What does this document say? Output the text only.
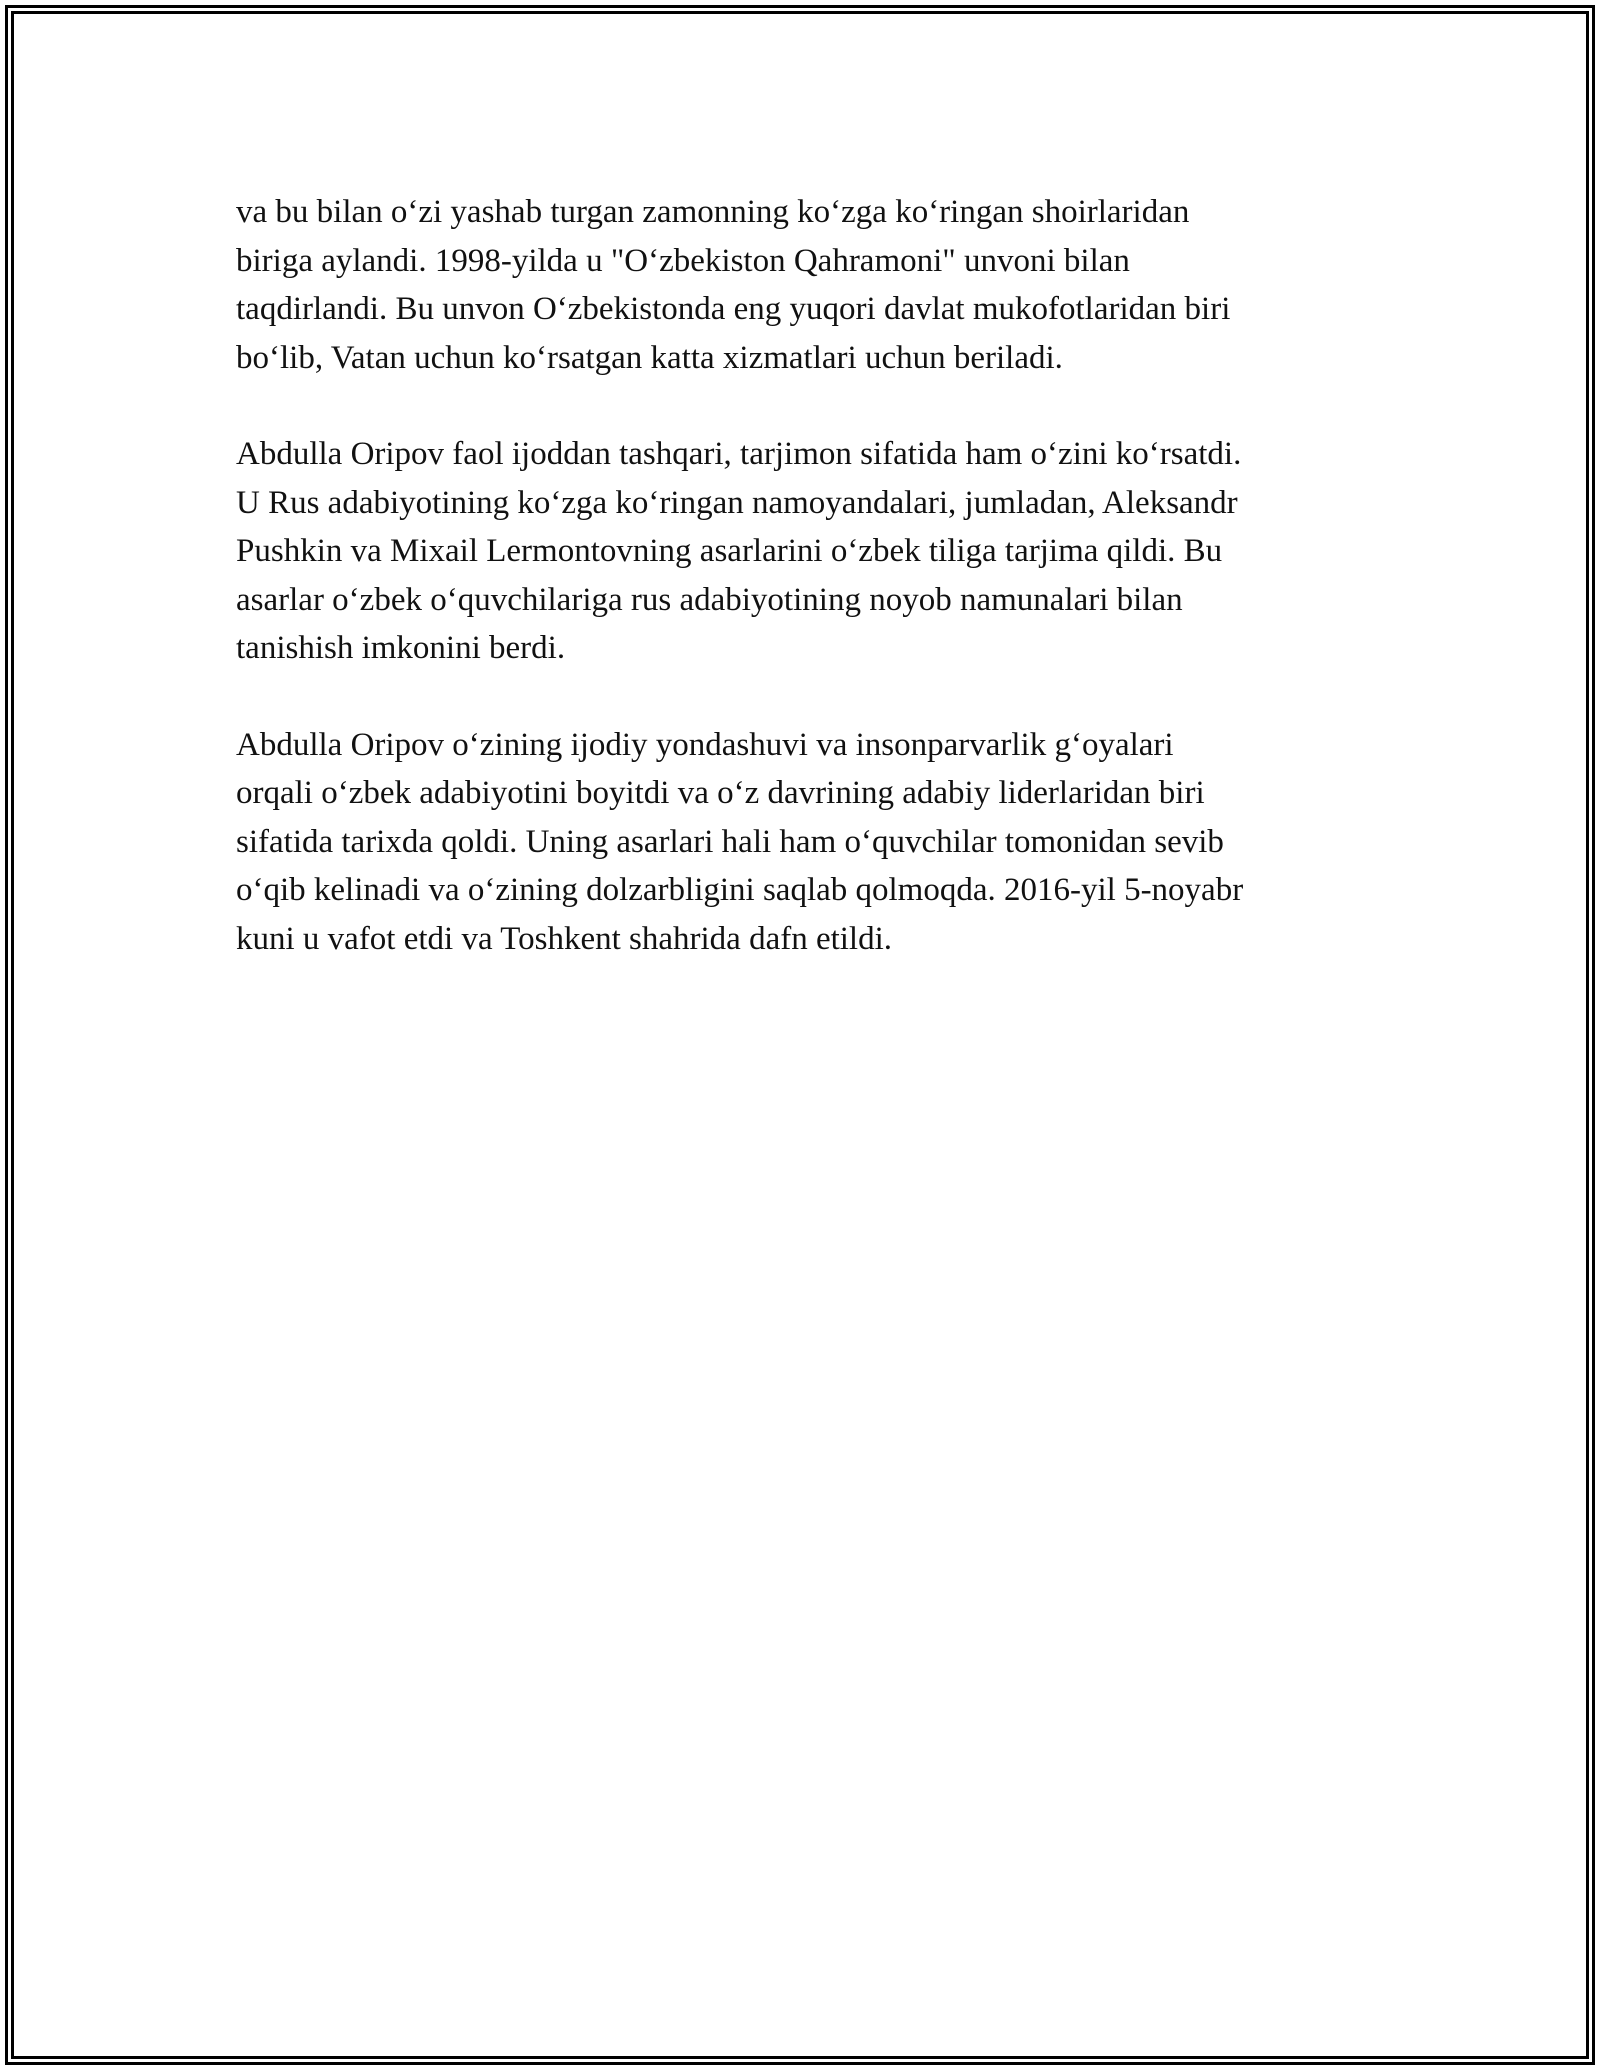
va bu bilan o‘zi yashab turgan zamonning ko‘zga ko‘ringan shoirlaridan
biriga aylandi. 1998-yilda u "O‘zbekiston Qahramoni" unvoni bilan
taqdirlandi. Bu unvon O‘zbekistonda eng yuqori davlat mukofotlaridan biri
bo‘lib, Vatan uchun ko‘rsatgan katta xizmatlari uchun beriladi.

Abdulla Oripov faol ijoddan tashqari, tarjimon sifatida ham o‘zini ko‘rsatdi.
U Rus adabiyotining ko‘zga ko‘ringan namoyandalari, jumladan, Aleksandr
Pushkin va Mixail Lermontovning asarlarini o‘zbek tiliga tarjima qildi. Bu
asarlar o‘zbek o‘quvchilariga rus adabiyotining noyob namunalari bilan
tanishish imkonini berdi.

Abdulla Oripov o‘zining ijodiy yondashuvi va insonparvarlik g‘oyalari
orqali o‘zbek adabiyotini boyitdi va o‘z davrining adabiy liderlaridan biri
sifatida tarixda qoldi. Uning asarlari hali ham o‘quvchilar tomonidan sevib
o‘qib kelinadi va o‘zining dolzarbligini saqlab qolmoqda. 2016-yil 5-noyabr
kuni u vafot etdi va Toshkent shahrida dafn etildi.
